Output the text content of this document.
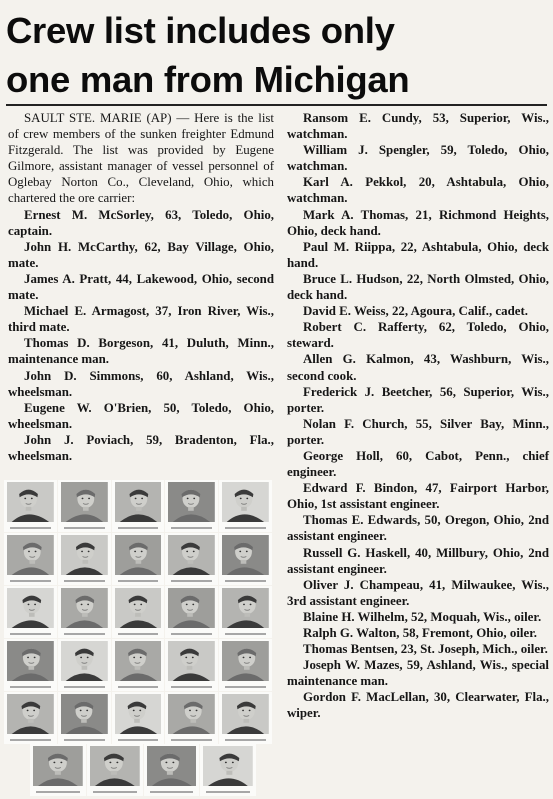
Crew list includes only
one man from Michigan
SAULT STE. MARIE (AP) — Here is the list of crew members of the sunken freighter Edmund Fitzgerald. The list was provided by Eugene Gilmore, assistant manager of vessel personnel of Oglebay Norton Co., Cleveland, Ohio, which chartered the ore carrier:
Ernest M. McSorley, 63, Toledo, Ohio, captain.
John H. McCarthy, 62, Bay Village, Ohio, mate.
James A. Pratt, 44, Lakewood, Ohio, second mate.
Michael E. Armagost, 37, Iron River, Wis., third mate.
Thomas D. Borgeson, 41, Duluth, Minn., maintenance man.
John D. Simmons, 60, Ashland, Wis., wheelsman.
Eugene W. O'Brien, 50, Toledo, Ohio, wheelsman.
John J. Poviach, 59, Bradenton, Fla., wheelsman.
Ransom E. Cundy, 53, Superior, Wis., watchman.
William J. Spengler, 59, Toledo, Ohio, watchman.
Karl A. Pekkol, 20, Ashtabula, Ohio, watchman.
Mark A. Thomas, 21, Richmond Heights, Ohio, deck hand.
Paul M. Riippa, 22, Ashtabula, Ohio, deck hand.
Bruce L. Hudson, 22, North Olmsted, Ohio, deck hand.
David E. Weiss, 22, Agoura, Calif., cadet.
Robert C. Rafferty, 62, Toledo, Ohio, steward.
Allen G. Kalmon, 43, Washburn, Wis., second cook.
Frederick J. Beetcher, 56, Superior, Wis., porter.
Nolan F. Church, 55, Silver Bay, Minn., porter.
George Holl, 60, Cabot, Penn., chief engineer.
Edward F. Bindon, 47, Fairport Harbor, Ohio, 1st assistant engineer.
Thomas E. Edwards, 50, Oregon, Ohio, 2nd assistant engineer.
Russell G. Haskell, 40, Millbury, Ohio, 2nd assistant engineer.
Oliver J. Champeau, 41, Milwaukee, Wis., 3rd assistant engineer.
Blaine H. Wilhelm, 52, Moquah, Wis., oiler.
Ralph G. Walton, 58, Fremont, Ohio, oiler.
Thomas Bentsen, 23, St. Joseph, Mich., oiler.
Joseph W. Mazes, 59, Ashland, Wis., special maintenance man.
Gordon F. MacLellan, 30, Clearwater, Fla., wiper.
